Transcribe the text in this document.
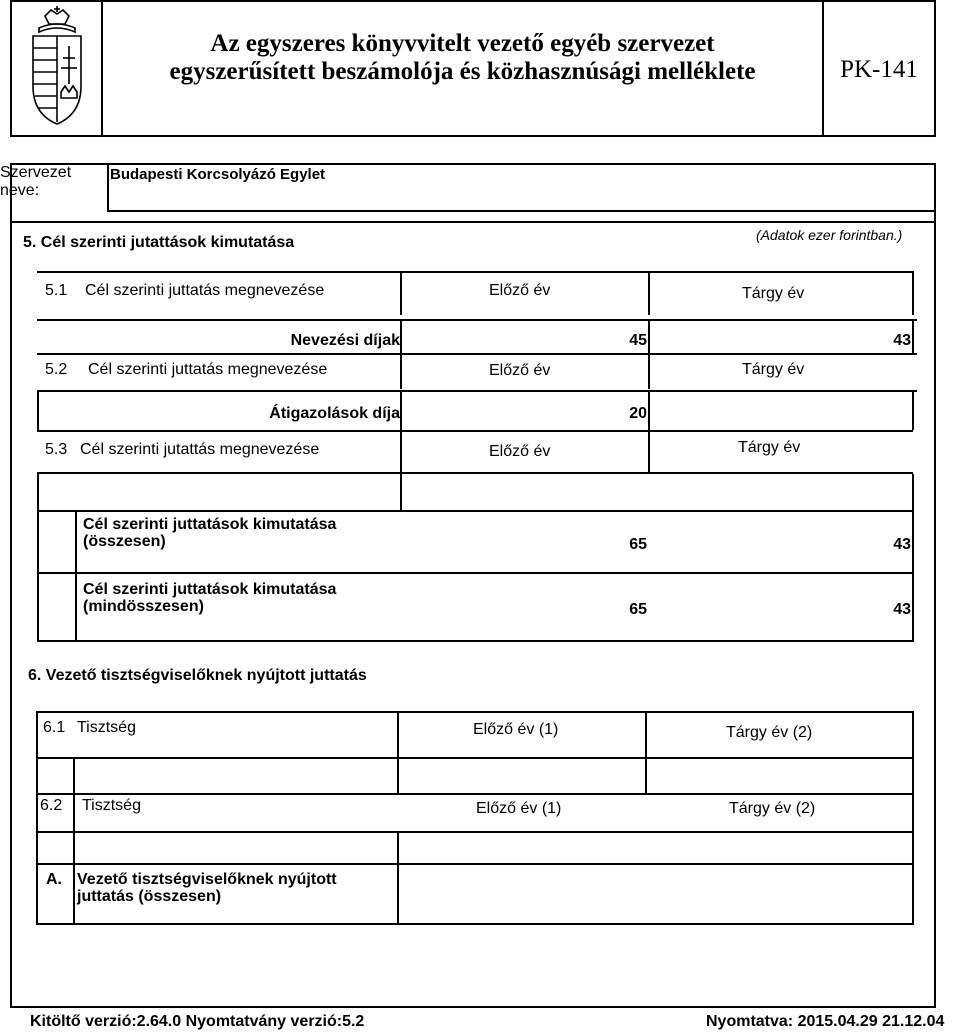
Az egyszeres könyvvitelt vezető egyéb szervezet
egyszerűsített beszámolója és közhasznúsági melléklete	PK-141
Szervezet neve:
Budapesti Korcsolyázó Egylet
5. Cél szerinti jutattások kimutatása	(Adatok ezer forintban.)
5.1 Cél szerinti juttatás megnevezése	Előző év	Tárgy év
Nevezési díjak	45	43
5.2 Cél szerinti juttatás megnevezése	Előző év	Tárgy év
Átigazolások díja	20
5.3 Cél szerinti jutattás megnevezése	Előző év	Tárgy év
Cél szerinti juttatások kimutatása
(összesen)	65	43
Cél szerinti juttatások kimutatása
(mindösszesen)	65	43
6. Vezető tisztségviselőknek nyújtott juttatás
6.1 Tisztség	Előző év (1)	Tárgy év (2)
6.2 Tisztség	Előző év (1)	Tárgy év (2)
A. Vezető tisztségviselőknek nyújtott
juttatás (összesen)
Kitöltő verzió:2.64.0 Nyomtatvány verzió:5.2	Nyomtatva: 2015.04.29 21.12.04
